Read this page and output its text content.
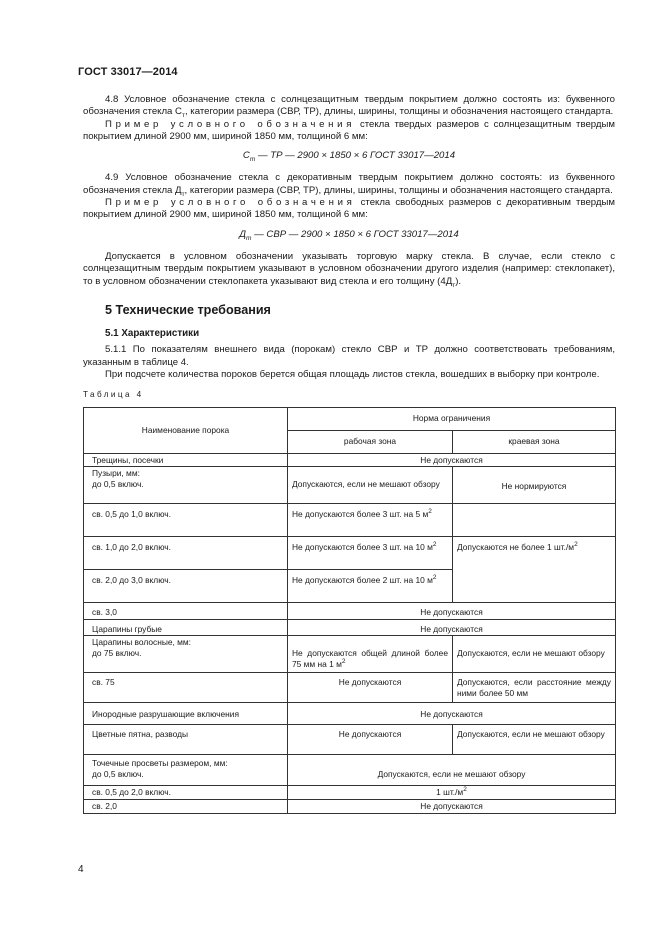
ГОСТ 33017—2014

4.8 Условное обозначение стекла с солнцезащитным твердым покрытием должно состоять из: буквенного обозначения стекла $С_т$, категории размера (СВР, ТР), длины, ширины, толщины и обозначения настоящего стандарта.

Пример условного обозначения стекла твердых размеров с солнцезащитным твердым покрытием длиной 2900 мм, шириной 1850 мм, толщиной 6 мм:

$С_т$ — ТР — 2900 × 1850 × 6 ГОСТ 33017—2014

4.9 Условное обозначение стекла с декоративным твердым покрытием должно состоять: из буквенного обозначения стекла $Д_т$, категории размера (СВР, ТР), длины, ширины, толщины и обозначения настоящего стандарта.

Пример условного обозначения стекла свободных размеров с декоративным твердым покрытием длиной 2900 мм, шириной 1850 мм, толщиной 6 мм:

$Д_т$ — СВР — 2900 × 1850 × 6 ГОСТ 33017—2014

Допускается в условном обозначении указывать торговую марку стекла. В случае, если стекло с солнцезащитным твердым покрытием указывают в условном обозначении другого изделия (например: стеклопакет), то в условном обозначении стеклопакета указывают вид стекла и его толщину $(4Д_т)$.

5 Технические требования
5.1 Характеристики

5.1.1 По показателям внешнего вида (порокам) стекло СВР и ТР должно соответствовать требованиям, указанным в таблице 4.

При подсчете количества пороков берется общая площадь листов стекла, вошедших в выборку при контроле.

Таблица 4

Наименование порока	Норма ограничения	
	рабочая зона	краевая зона
Трещины, посечки	Не допускаются	

Пузыри, мм:
до 0,5 включ.	Допускаются, если не мешают обзору	Не нормируются
св. 0,5 до 1,0 включ.	Не допускаются более 3 шт. на 5 $м^2$	
св. 1,0 до 2,0 включ.	Не допускаются более 3 шт. на 10 $м^2$	Допускаются не более 1 $шт./м^2$
св. 2,0 до 3,0 включ.	Не допускаются более 2 шт. на 10 $м^2$
св. 3,0	Не допускаются	
Царапины грубые	Не допускаются	

Царапины волосные, мм:
до 75 включ.	Не допускаются общей длиной более 75 мм на 1 $м^2$	Допускаются, если не мешают обзору
св. 75	Не допускаются	Допускаются, если расстояние между ними более 50 мм
Инородные разрушающие включения	Не допускаются	
Цветные пятна, разводы	Не допускаются	Допускаются, если не мешают обзору

Точечные просветы размером, мм:
до 0,5 включ.	Допускаются, если не мешают обзору	
св. 0,5 до 2,0 включ.	1 $шт./м^2$
св. 2,0	Не допускаются	
4
